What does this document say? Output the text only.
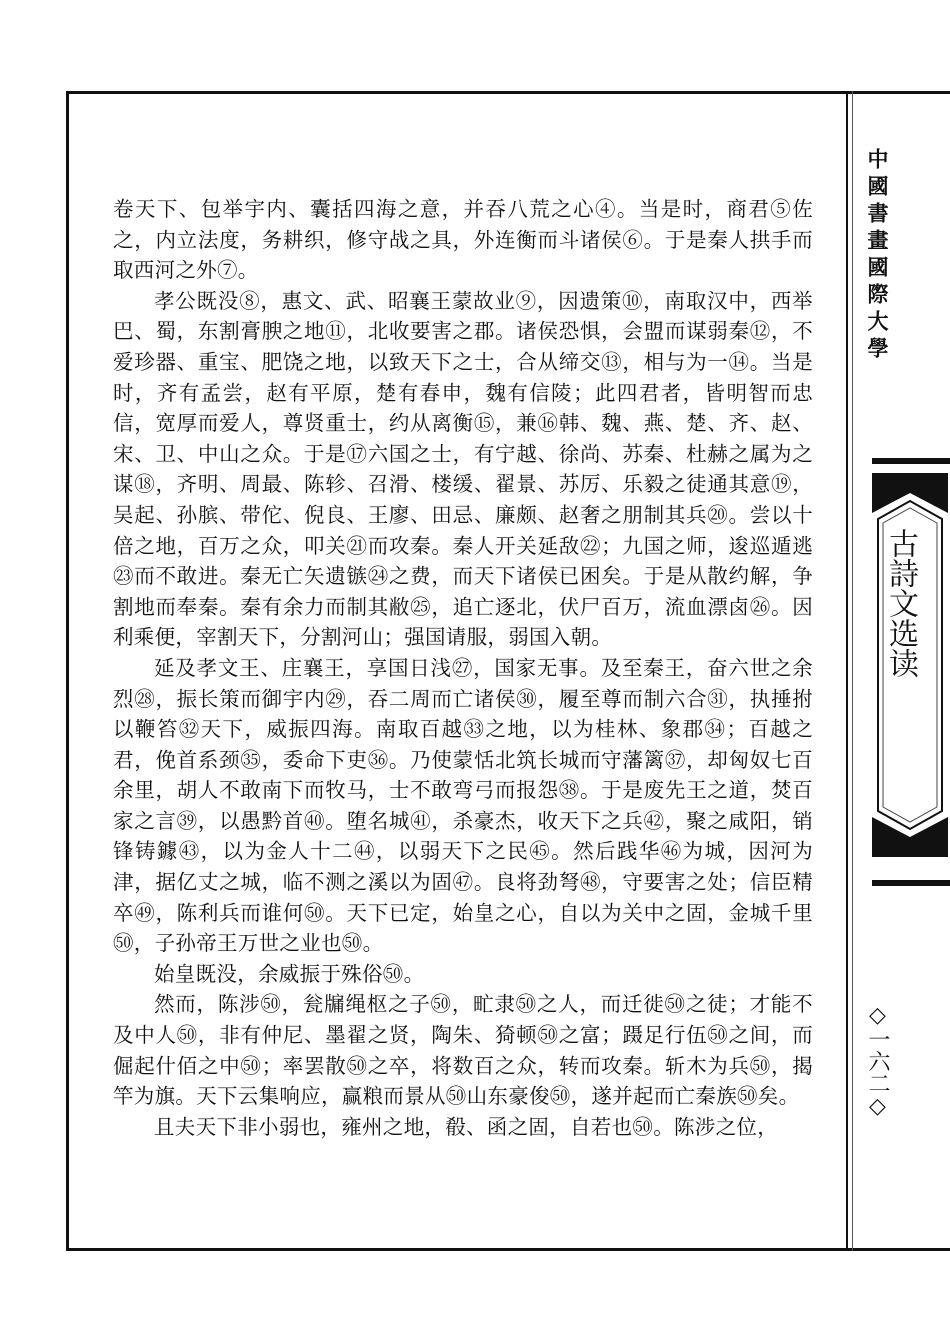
卷天下、包举宇内、囊括四海之意，并吞八荒之心④。当是时，商君⑤佐之，内立法度，务耕织，修守战之具，外连衡而斗诸侯⑥。于是秦人拱手而取西河之外⑦。

孝公既没⑧，惠文、武、昭襄王蒙故业⑨，因遗策⑩，南取汉中，西举巴、蜀，东割膏腴之地⑪，北收要害之郡。诸侯恐惧，会盟而谋弱秦⑫，不爱珍器、重宝、肥饶之地，以致天下之士，合从缔交⑬，相与为一⑭。当是时，齐有孟尝，赵有平原，楚有春申，魏有信陵；此四君者，皆明智而忠信，宽厚而爱人，尊贤重士，约从离衡⑮，兼⑯韩、魏、燕、楚、齐、赵、宋、卫、中山之众。于是⑰六国之士，有宁越、徐尚、苏秦、杜赫之属为之谋⑱，齐明、周最、陈轸、召滑、楼缓、翟景、苏厉、乐毅之徒通其意⑲，吴起、孙膑、带佗、倪良、王廖、田忌、廉颇、赵奢之朋制其兵⑳。尝以十倍之地，百万之众，叩关㉑而攻秦。秦人开关延敌㉒；九国之师，逡巡遁逃㉓而不敢进。秦无亡矢遗镞㉔之费，而天下诸侯已困矣。于是从散约解，争割地而奉秦。秦有余力而制其敝㉕，追亡逐北，伏尸百万，流血漂卤㉖。因利乘便，宰割天下，分割河山；强国请服，弱国入朝。

延及孝文王、庄襄王，享国日浅㉗，国家无事。及至秦王，奋六世之余烈㉘，振长策而御宇内㉙，吞二周而亡诸侯㉚，履至尊而制六合㉛，执捶拊以鞭笞㉜天下，威振四海。南取百越㉝之地，以为桂林、象郡㉞；百越之君，俛首系颈㉟，委命下吏㊱。乃使蒙恬北筑长城而守藩篱㊲，却匈奴七百余里，胡人不敢南下而牧马，士不敢弯弓而报怨㊳。于是废先王之道，焚百家之言㊴，以愚黔首㊵。堕名城㊶，杀豪杰，收天下之兵㊷，聚之咸阳，销锋铸鐻㊸，以为金人十二㊹，以弱天下之民㊺。然后践华㊻为城，因河为津，据亿丈之城，临不测之溪以为固㊼。良将劲弩㊽，守要害之处；信臣精卒㊾，陈利兵而谁何㊿。天下已定，始皇之心，自以为关中之固，金城千里㊿，子孙帝王万世之业也㊿。

始皇既没，余威振于殊俗㊿。

然而，陈涉㊿，瓮牖绳枢之子㊿，甿隶㊿之人，而迁徙㊿之徒；才能不及中人㊿，非有仲尼、墨翟之贤，陶朱、猗顿㊿之富；蹑足行伍㊿之间，而倔起什佰之中㊿；率罢散㊿之卒，将数百之众，转而攻秦。斩木为兵㊿，揭竿为旗。天下云集响应，赢粮而景从㊿山东豪俊㊿，遂并起而亡秦族㊿矣。

且夫天下非小弱也，雍州之地，殽、函之固，自若也㊿。陈涉之位，

中國書畫國際大學
古詩文选读
◇一六二◇
